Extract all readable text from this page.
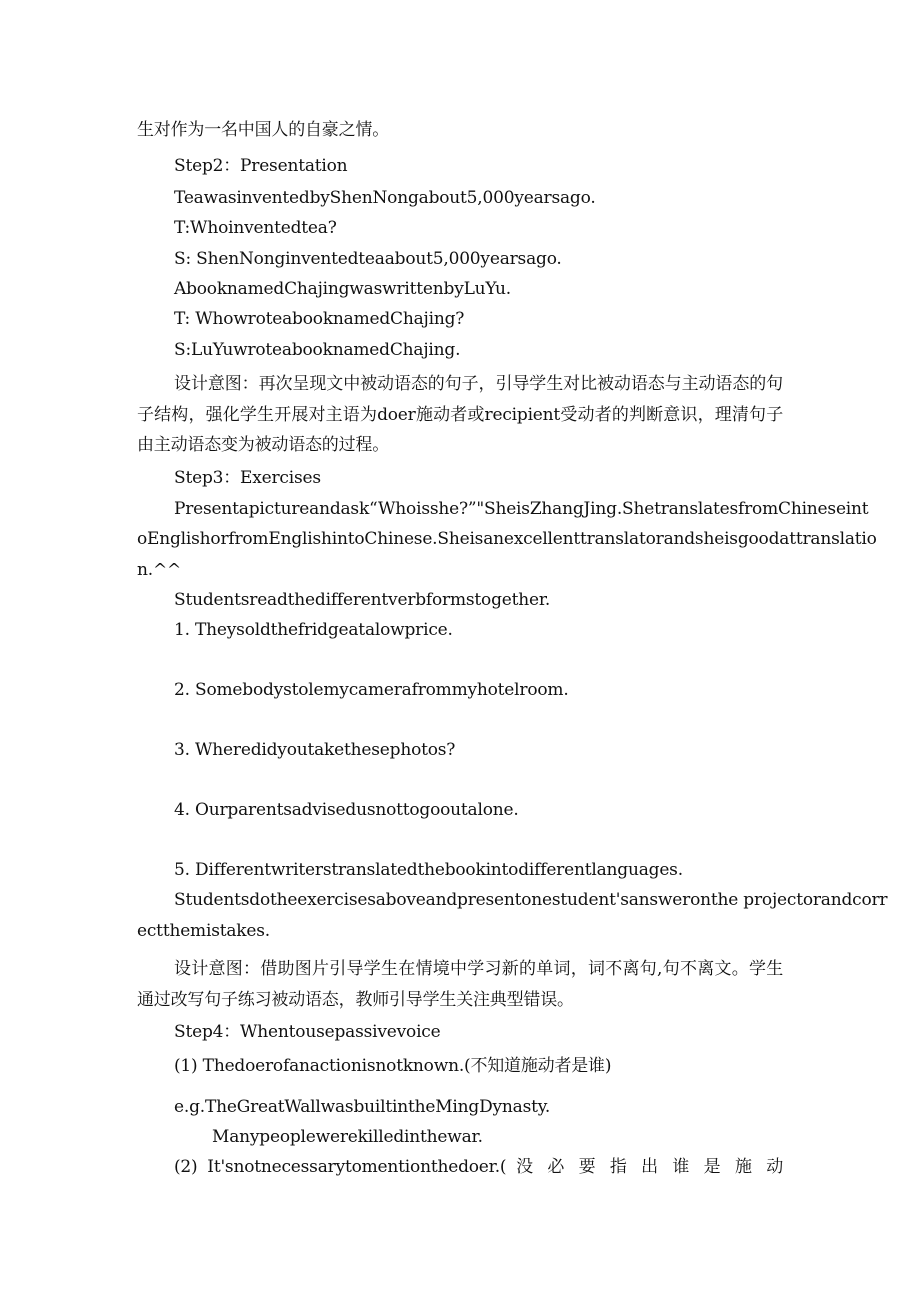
生对作为一名中国人的自豪之情。

Step2：Presentation

TeawasinventedbyShenNongabout5,000yearsago.

T:Whoinventedtea?

S: ShenNonginventedteaabout5,000yearsago.

AbooknamedChajingwaswrittenbyLuYu.

T: WhowroteabooknamedChajing?

S:LuYuwroteabooknamedChajing.

设计意图：再次呈现文中被动语态的句子，引导学生对比被动语态与主动语态的句

子结构，强化学生开展对主语为doer施动者或recipient受动者的判断意识，理清句子

由主动语态变为被动语态的过程。

Step3：Exercises

Presentapictureandask“Whoisshe?”"SheisZhangJing.ShetranslatesfromChineseint

oEnglishorfromEnglishintoChinese.Sheisanexcellenttranslatorandsheisgoodattranslatio

n.^^

Studentsreadthedifferentverbformstogether.

1. Theysoldthefridgeatalowprice.

2. Somebodystolemycamerafrommyhotelroom.

3. Wheredidyoutakethesephotos?

4. Ourparentsadvisedusnottogooutalone.

5. Differentwriterstranslatedthebookintodifferentlanguages.

Studentsdotheexercisesaboveandpresentonestudent'sansweronthe projectorandcorr

ectthemistakes.

设计意图：借助图片引导学生在情境中学习新的单词，词不离句,句不离文。学生

通过改写句子练习被动语态，教师引导学生关注典型错误。

Step4：Whentousepassivevoice

(1) Thedoerofanactionisnotknown.(不知道施动者是谁)

e.g.TheGreatWallwasbuiltintheMingDynasty.

Manypeoplewerekilledinthewar.

(2) It'snotnecessarytomentionthedoer.( 没 必 要 指 出 谁 是 施 动
